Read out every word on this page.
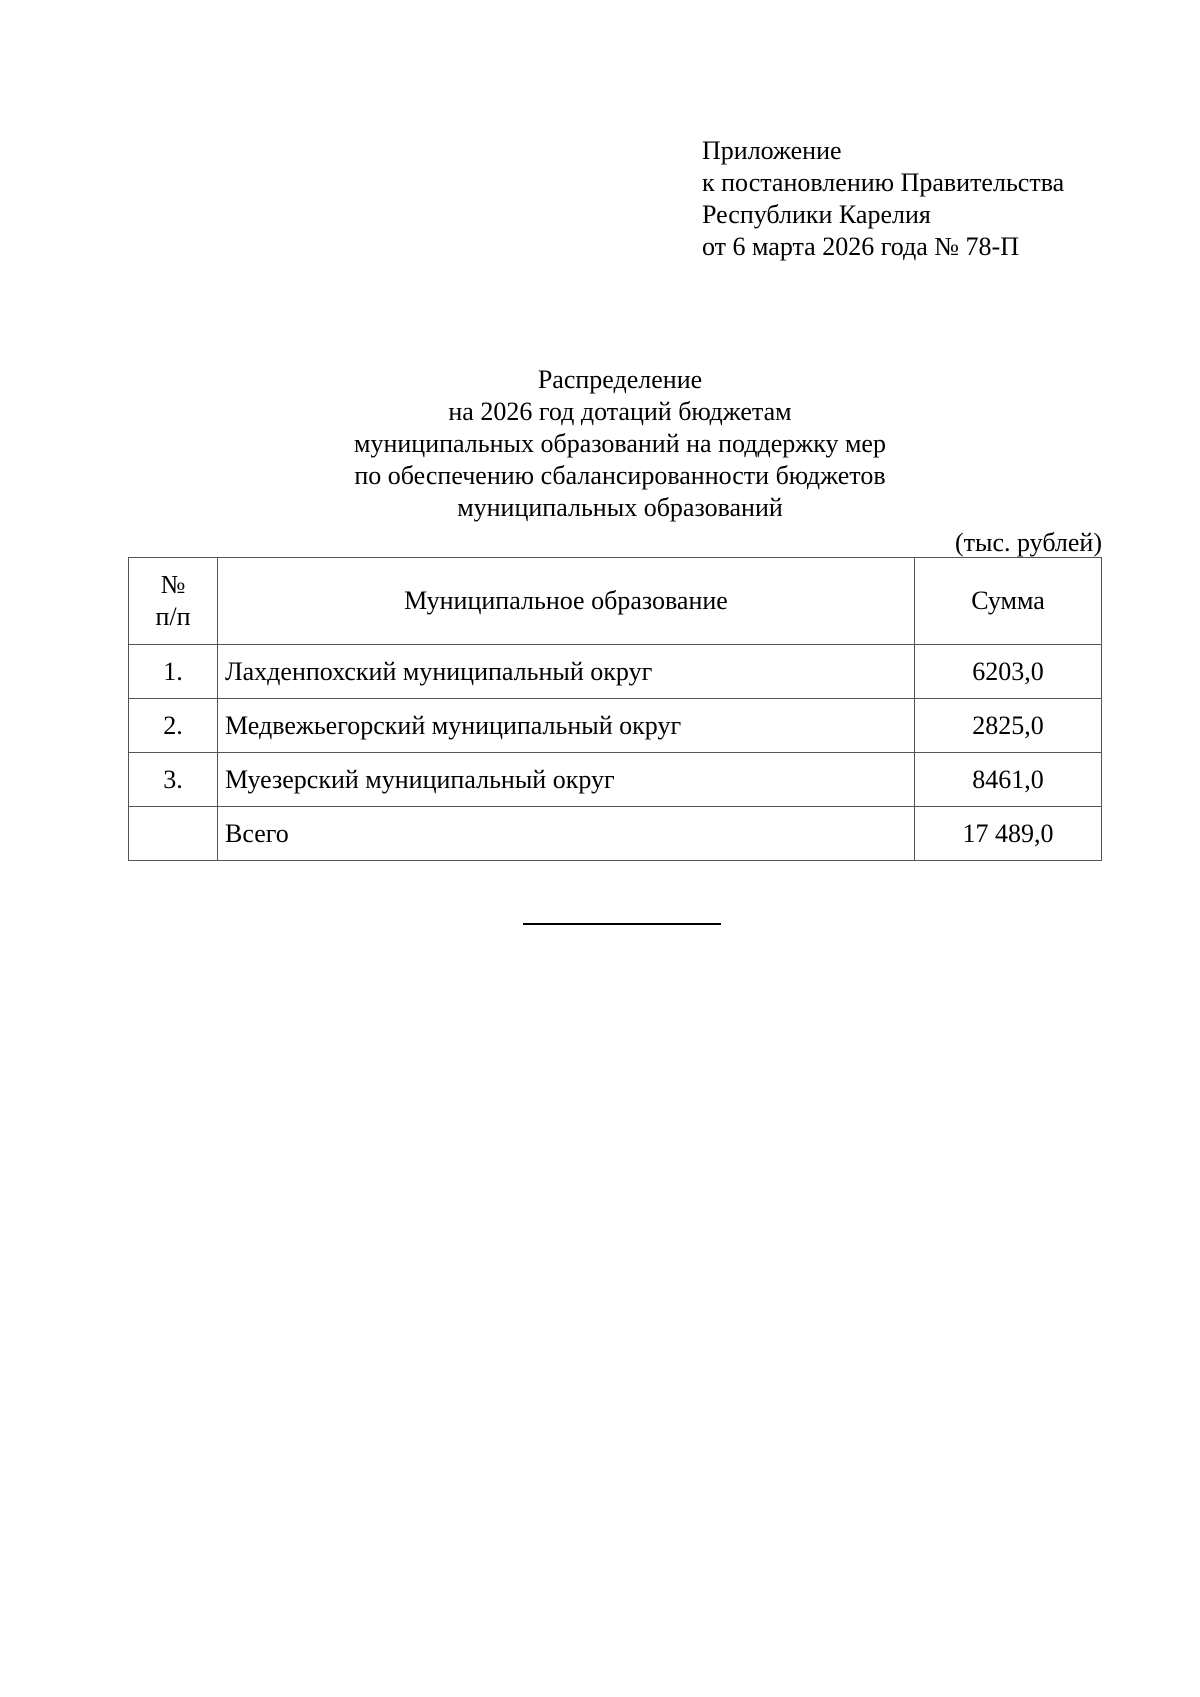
Приложение
к постановлению Правительства
Республики Карелия
от 6 марта 2026 года № 78-П
Распределение
на 2026 год дотаций бюджетам
муниципальных образований на поддержку мер
по обеспечению сбалансированности бюджетов
муниципальных образований
(тыс. рублей)
№
п/п	Муниципальное образование	Сумма
1.	Лахденпохский муниципальный округ	6203,0
2.	Медвежьегорский муниципальный округ	2825,0
3.	Муезерский муниципальный округ	8461,0
	Всего	17 489,0
